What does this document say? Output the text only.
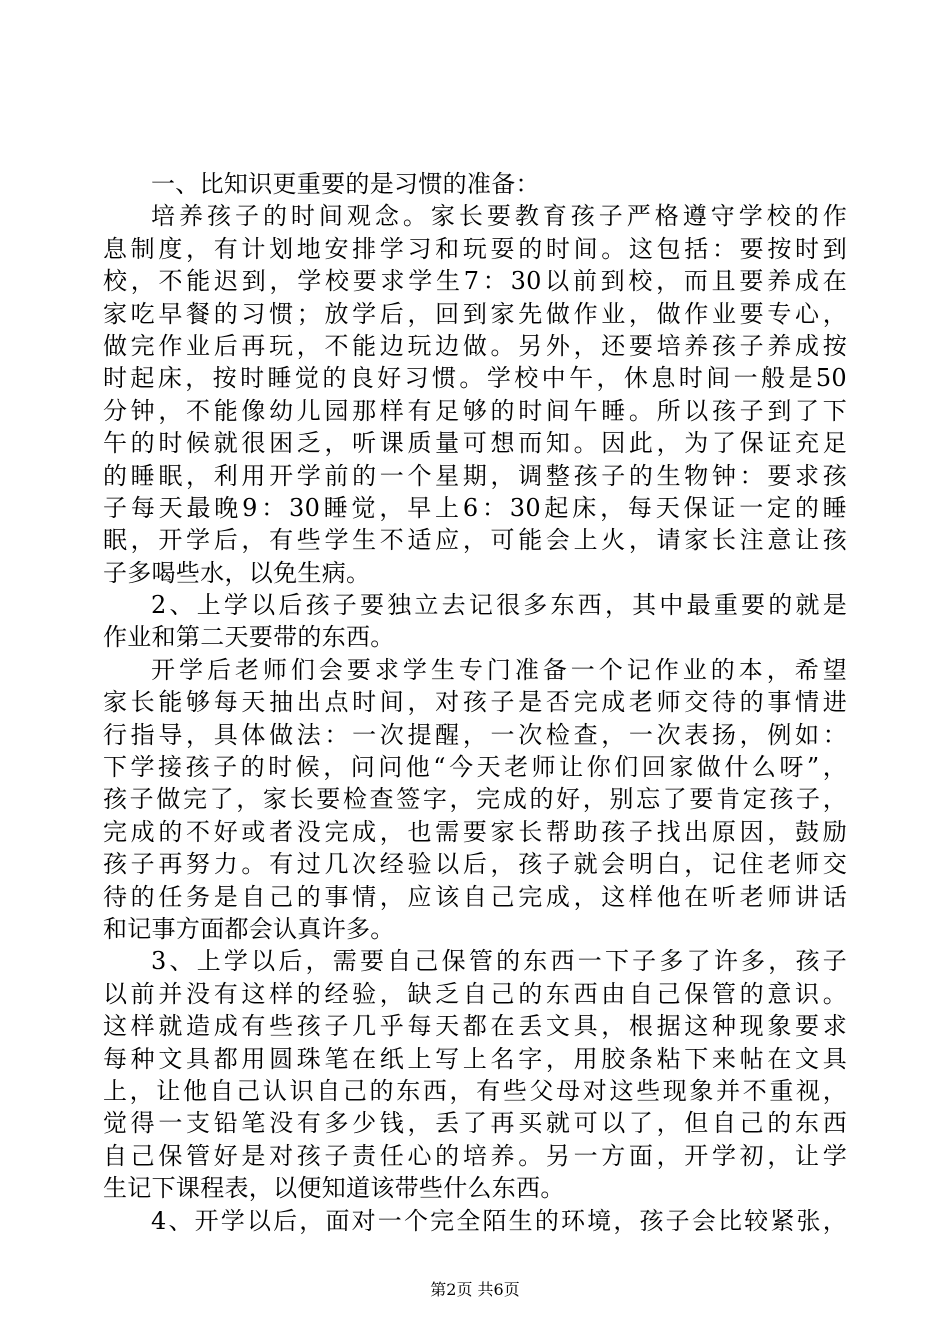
一、比知识更重要的是习惯的准备：
培养孩子的时间观念。家长要教育孩子严格遵守学校的作
息制度，有计划地安排学习和玩耍的时间。这包括：要按时到
校，不能迟到，学校要求学生7：30以前到校，而且要养成在
家吃早餐的习惯；放学后，回到家先做作业，做作业要专心，
做完作业后再玩，不能边玩边做。另外，还要培养孩子养成按
时起床，按时睡觉的良好习惯。学校中午，休息时间一般是50
分钟，不能像幼儿园那样有足够的时间午睡。所以孩子到了下
午的时候就很困乏，听课质量可想而知。因此，为了保证充足
的睡眠，利用开学前的一个星期，调整孩子的生物钟：要求孩
子每天最晚9：30睡觉，早上6：30起床，每天保证一定的睡
眠，开学后，有些学生不适应，可能会上火，请家长注意让孩
子多喝些水，以免生病。
2、上学以后孩子要独立去记很多东西，其中最重要的就是
作业和第二天要带的东西。
开学后老师们会要求学生专门准备一个记作业的本，希望
家长能够每天抽出点时间，对孩子是否完成老师交待的事情进
行指导，具体做法：一次提醒，一次检查，一次表扬，例如：
下学接孩子的时候，问问他“今天老师让你们回家做什么呀”，
孩子做完了，家长要检查签字，完成的好，别忘了要肯定孩子，
完成的不好或者没完成，也需要家长帮助孩子找出原因，鼓励
孩子再努力。有过几次经验以后，孩子就会明白，记住老师交
待的任务是自己的事情，应该自己完成，这样他在听老师讲话
和记事方面都会认真许多。
3、上学以后，需要自己保管的东西一下子多了许多，孩子
以前并没有这样的经验，缺乏自己的东西由自己保管的意识。
这样就造成有些孩子几乎每天都在丢文具，根据这种现象要求
每种文具都用圆珠笔在纸上写上名字，用胶条粘下来帖在文具
上，让他自己认识自己的东西，有些父母对这些现象并不重视，
觉得一支铅笔没有多少钱，丢了再买就可以了，但自己的东西
自己保管好是对孩子责任心的培养。另一方面，开学初，让学
生记下课程表，以便知道该带些什么东西。
4、开学以后，面对一个完全陌生的环境，孩子会比较紧张，
第2页 共6页
